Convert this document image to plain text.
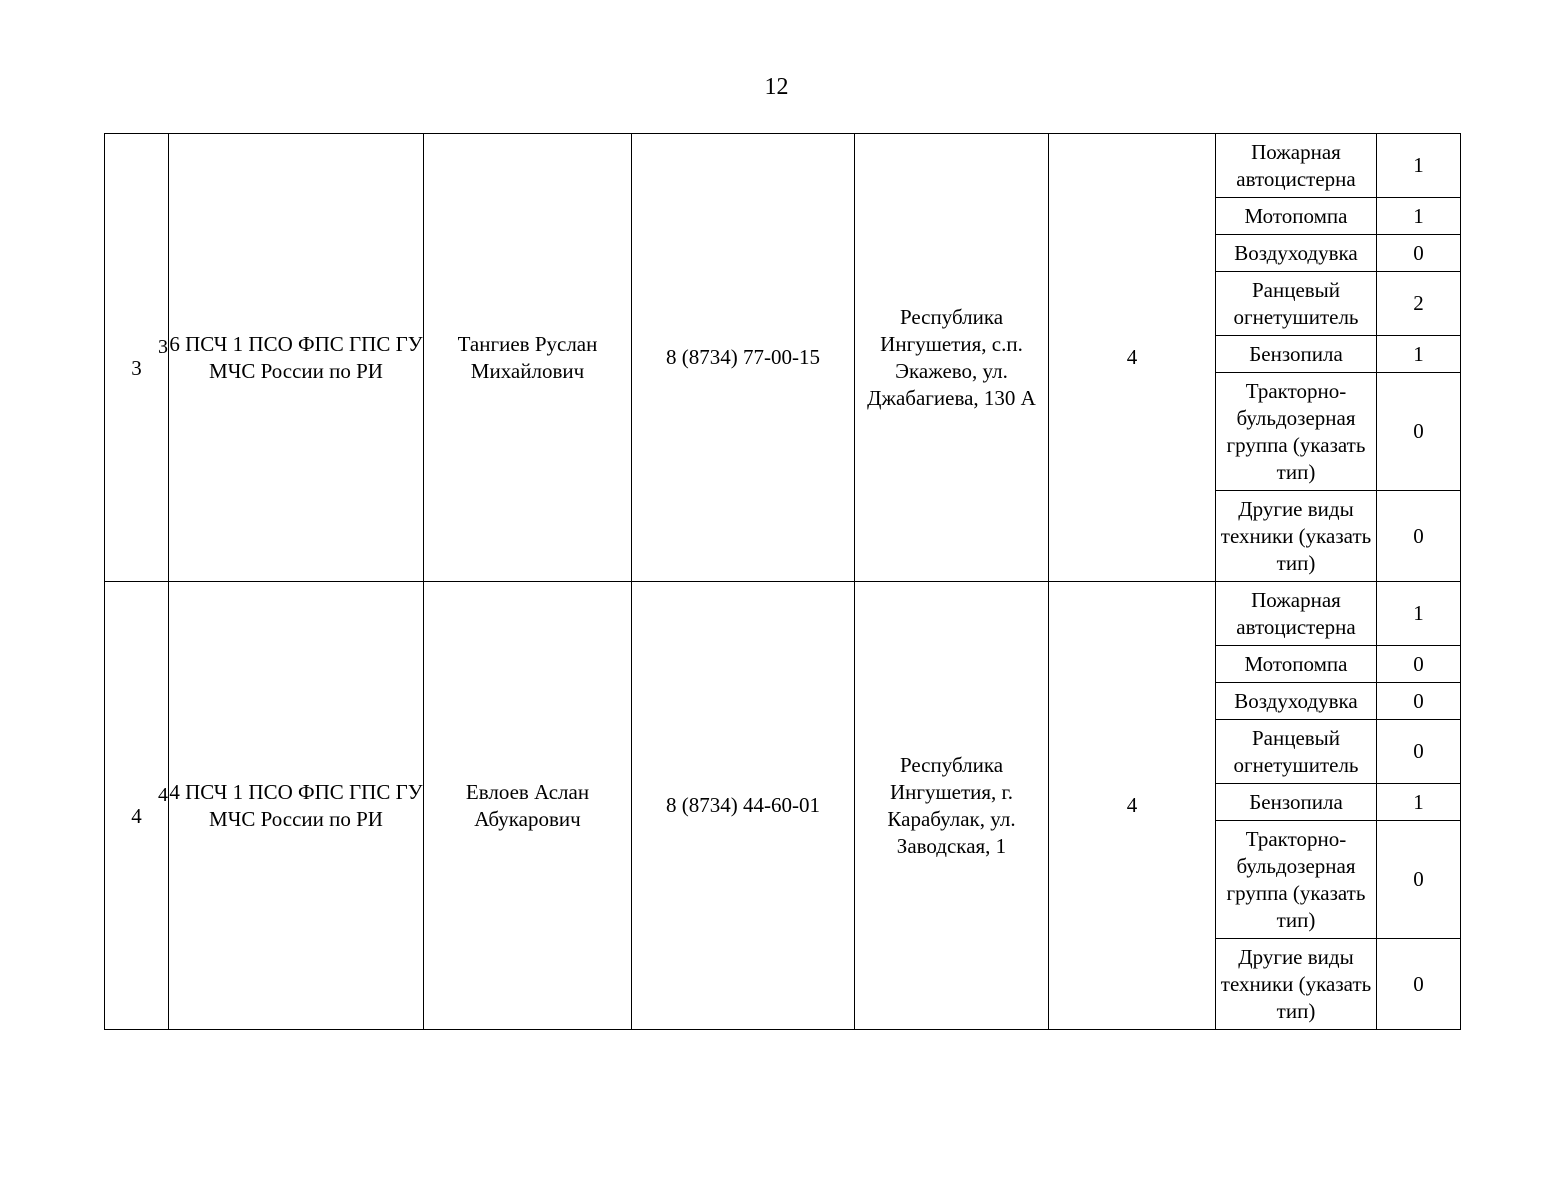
12
3
3	6 ПСЧ 1 ПСО ФПС ГПС ГУ МЧС России по РИ	Тангиев Руслан Михайлович	8 (8734) 77-00-15	Республика Ингушетия, с.п. Экажево, ул. Джабагиева, 130 А	4	Пожарная автоцистерна	1
						Мотопомпа	1
						Воздуходувка	0
						Ранцевый огнетушитель	2
						Бензопила	1
						Тракторно-бульдозерная группа (указать тип)	0
						Другие виды техники (указать тип)	0
4
4	4 ПСЧ 1 ПСО ФПС ГПС ГУ МЧС России по РИ	Евлоев Аслан Абукарович	8 (8734) 44-60-01	Республика Ингушетия, г. Карабулак, ул. Заводская, 1	4	Пожарная автоцистерна	1
						Мотопомпа	0
						Воздуходувка	0
						Ранцевый огнетушитель	0
						Бензопила	1
						Тракторно-бульдозерная группа (указать тип)	0
						Другие виды техники (указать тип)	0
